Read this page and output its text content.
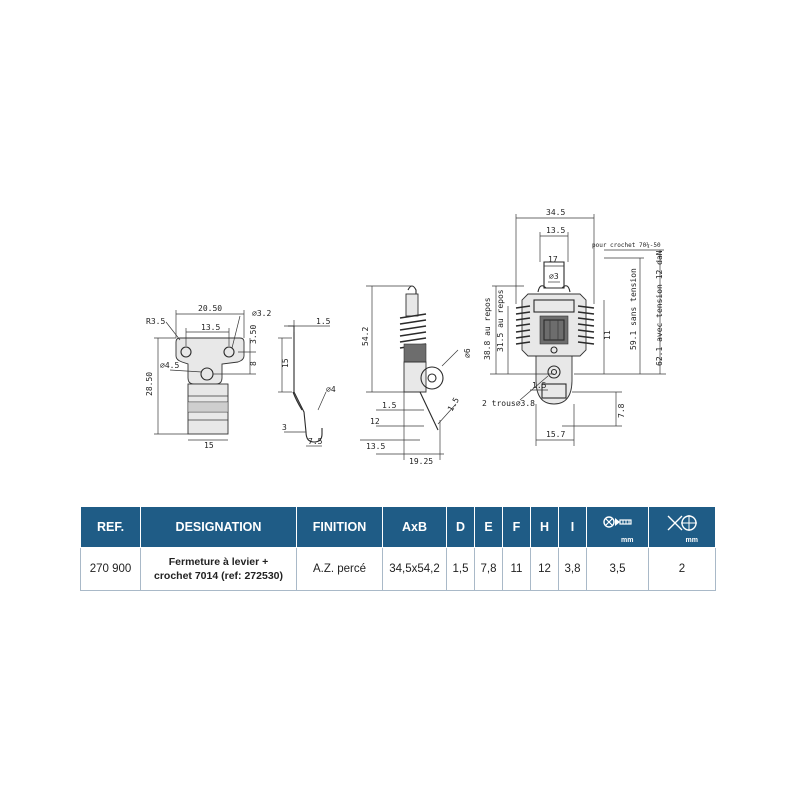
R3.5
20.50
13.5
⌀3.2
3.50
⌀4.5	8
28.50
15
1.5
15
⌀4
3
7.5
54.2
⌀6
1.5
12
1.5
13.5
19.25
34.5
13.5
17
⌀3
pour crochet 70¼-50
38.8 au repos 31.5 au repos	59.1 sans tension 62.1 avec tension 12 daN
11
1.5
2 trous⌀3.8
7.8
15.7
REF.	DESIGNATION	FINITION	AxB	D	E	F	H	I	mm	mm

270 900	Fermeture à levier +
crochet 7014 (ref: 272530)	A.Z. percé	34,5x54,2	1,5	7,8	11	12	3,8	3,5	2
